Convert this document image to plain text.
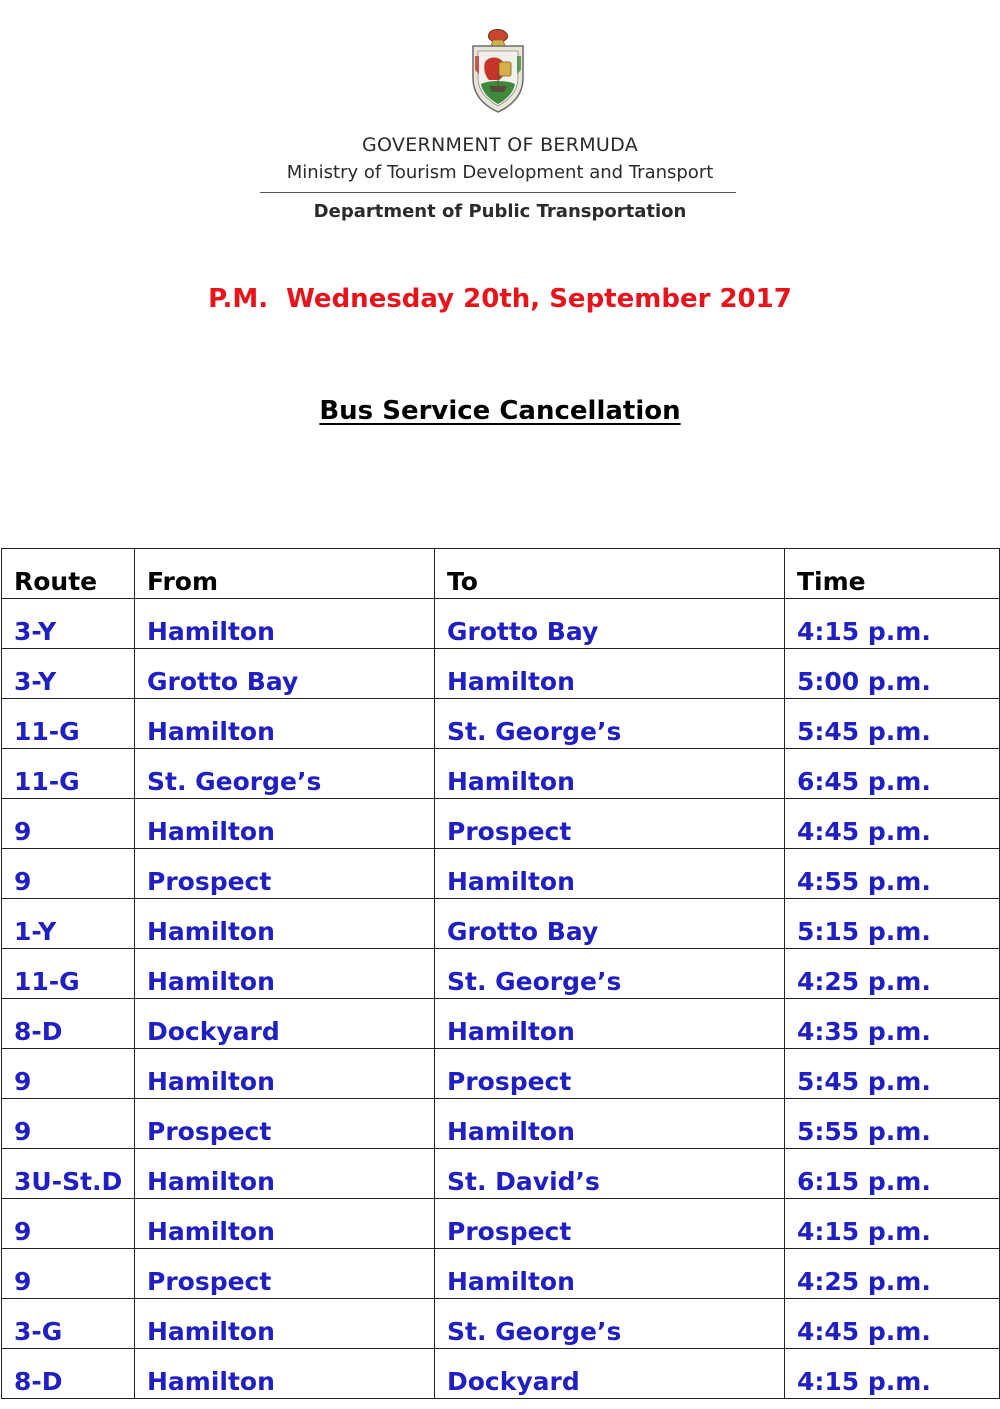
GOVERNMENT OF BERMUDA
Ministry of Tourism Development and Transport
Department of Public Transportation
P.M.  Wednesday 20th, September 2017
Bus Service Cancellation
Route	From	To	Time
3-Y	Hamilton	Grotto Bay	4:15 p.m.
3-Y	Grotto Bay	Hamilton	5:00 p.m.
11-G	Hamilton	St. George’s	5:45 p.m.
11-G	St. George’s	Hamilton	6:45 p.m.
9	Hamilton	Prospect	4:45 p.m.
9	Prospect	Hamilton	4:55 p.m.
1-Y	Hamilton	Grotto Bay	5:15 p.m.
11-G	Hamilton	St. George’s	4:25 p.m.
8-D	Dockyard	Hamilton	4:35 p.m.
9	Hamilton	Prospect	5:45 p.m.
9	Prospect	Hamilton	5:55 p.m.
3U-St.D	Hamilton	St. David’s	6:15 p.m.
9	Hamilton	Prospect	4:15 p.m.
9	Prospect	Hamilton	4:25 p.m.
3-G	Hamilton	St. George’s	4:45 p.m.
8-D	Hamilton	Dockyard	4:15 p.m.
